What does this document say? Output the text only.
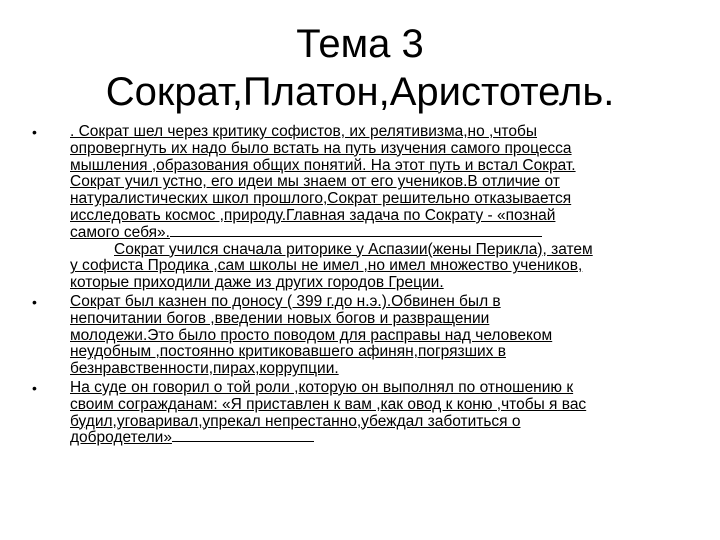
Тема 3
Сократ,Платон,Аристотель.
• . Сократ шел через критику софистов, их релятивизма,но ,чтобы
опровергнуть их надо было встать на путь изучения самого процесса
мышления ,образования общих понятий. На этот путь и встал Сократ.
Сократ учил устно, его идеи мы знаем от его учеников.В отличие от
натуралистических школ прошлого,Сократ решительно отказывается
исследовать космос ,природу.Главная задача по Сократу - «познай
самого себя».
Сократ учился сначала риторике у Аспазии(жены Перикла), затем
у софиста Продика ,сам школы не имел ,но имел множество учеников,
которые приходили даже из других городов Греции.
• Сократ был казнен по доносу ( 399 г.до н.э.).Обвинен был в
непочитании богов ,введении новых богов и развращении
молодежи.Это было просто поводом для расправы над человеком
неудобным ,постоянно критиковавшего афинян,погрязших в
безнравственности,пирах,коррупции.
• На суде он говорил о той роли ,которую он выполнял по отношению к
своим согражданам: «Я приставлен к вам ,как овод к коню ,чтобы я вас
будил,уговаривал,упрекал непрестанно,убеждал заботиться о
добродетели»
